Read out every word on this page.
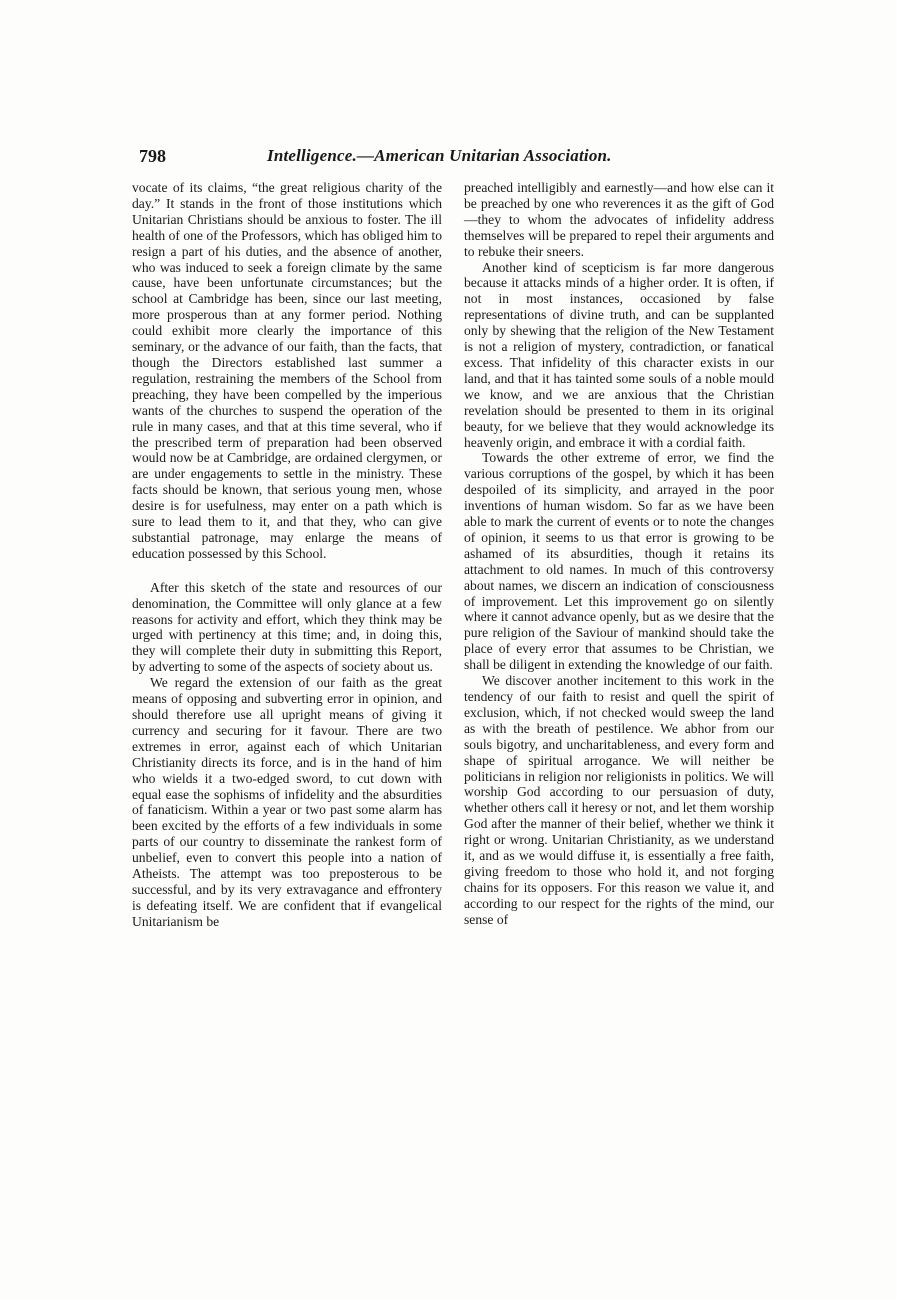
798	Intelligence.—American Unitarian Association.

vocate of its claims, “the great religious charity of the day.” It stands in the front of those institutions which Unitarian Christians should be anxious to foster. The ill health of one of the Professors, which has obliged him to resign a part of his duties, and the absence of another, who was induced to seek a foreign climate by the same cause, have been unfortunate circumstances; but the school at Cambridge has been, since our last meeting, more prosperous than at any former period. Nothing could exhibit more clearly the importance of this seminary, or the advance of our faith, than the facts, that though the Directors established last summer a regulation, restraining the members of the School from preaching, they have been compelled by the imperious wants of the churches to suspend the operation of the rule in many cases, and that at this time several, who if the prescribed term of preparation had been observed would now be at Cambridge, are ordained clergymen, or are under engagements to settle in the ministry. These facts should be known, that serious young men, whose desire is for usefulness, may enter on a path which is sure to lead them to it, and that they, who can give substantial patronage, may enlarge the means of education possessed by this School.

After this sketch of the state and resources of our denomination, the Committee will only glance at a few reasons for activity and effort, which they think may be urged with pertinency at this time; and, in doing this, they will complete their duty in submitting this Report, by adverting to some of the aspects of society about us.

We regard the extension of our faith as the great means of opposing and subverting error in opinion, and should therefore use all upright means of giving it currency and securing for it favour. There are two extremes in error, against each of which Unitarian Christianity directs its force, and is in the hand of him who wields it a two-edged sword, to cut down with equal ease the sophisms of infidelity and the absurdities of fanaticism. Within a year or two past some alarm has been excited by the efforts of a few individuals in some parts of our country to disseminate the rankest form of unbelief, even to convert this people into a nation of Atheists. The attempt was too preposterous to be successful, and by its very extravagance and effrontery is defeating itself. We are confident that if evangelical Unitarianism be

preached intelligibly and earnestly—and how else can it be preached by one who reverences it as the gift of God—they to whom the advocates of infidelity address themselves will be prepared to repel their arguments and to rebuke their sneers.

Another kind of scepticism is far more dangerous because it attacks minds of a higher order. It is often, if not in most instances, occasioned by false representations of divine truth, and can be supplanted only by shewing that the religion of the New Testament is not a religion of mystery, contradiction, or fanatical excess. That infidelity of this character exists in our land, and that it has tainted some souls of a noble mould we know, and we are anxious that the Christian revelation should be presented to them in its original beauty, for we believe that they would acknowledge its heavenly origin, and embrace it with a cordial faith.

Towards the other extreme of error, we find the various corruptions of the gospel, by which it has been despoiled of its simplicity, and arrayed in the poor inventions of human wisdom. So far as we have been able to mark the current of events or to note the changes of opinion, it seems to us that error is growing to be ashamed of its absurdities, though it retains its attachment to old names. In much of this controversy about names, we discern an indication of consciousness of improvement. Let this improvement go on silently where it cannot advance openly, but as we desire that the pure religion of the Saviour of mankind should take the place of every error that assumes to be Christian, we shall be diligent in extending the knowledge of our faith.

We discover another incitement to this work in the tendency of our faith to resist and quell the spirit of exclusion, which, if not checked would sweep the land as with the breath of pestilence. We abhor from our souls bigotry, and uncharitableness, and every form and shape of spiritual arrogance. We will neither be politicians in religion nor religionists in politics. We will worship God according to our persuasion of duty, whether others call it heresy or not, and let them worship God after the manner of their belief, whether we think it right or wrong. Unitarian Christianity, as we understand it, and as we would diffuse it, is essentially a free faith, giving freedom to those who hold it, and not forging chains for its opposers. For this reason we value it, and according to our respect for the rights of the mind, our sense of
